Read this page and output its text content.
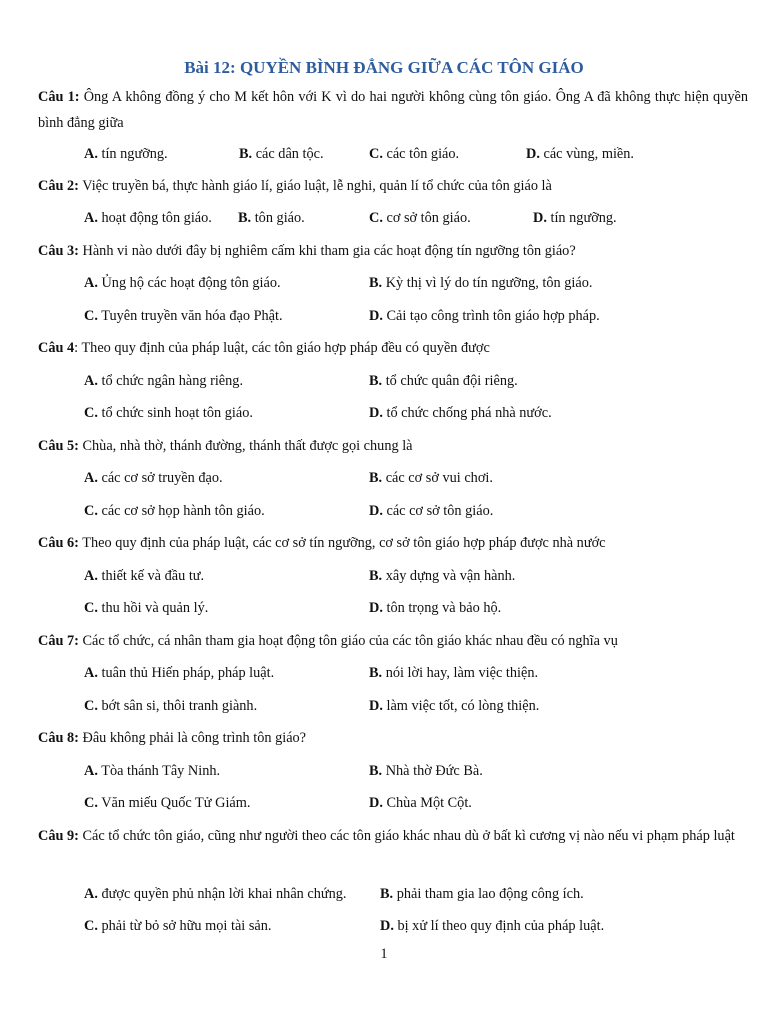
Bài 12: QUYỀN BÌNH ĐẲNG GIỮA CÁC TÔN GIÁO
Câu 1: Ông A không đồng ý cho M kết hôn với K vì do hai người không cùng tôn giáo. Ông A đã không thực hiện quyền bình đẳng giữa
A. tín ngưỡng.	B. các dân tộc.	C. các tôn giáo.	D. các vùng, miền.
Câu 2: Việc truyền bá, thực hành giáo lí, giáo luật, lễ nghi, quản lí tổ chức của tôn giáo là
A. hoạt động tôn giáo. B. tôn giáo.	C. cơ sở tôn giáo.	D. tín ngưỡng.
Câu 3: Hành vi nào dưới đây bị nghiêm cấm khi tham gia các hoạt động tín ngưỡng tôn giáo?
A. Ủng hộ các hoạt động tôn giáo.	B. Kỳ thị vì lý do tín ngưỡng, tôn giáo.
C. Tuyên truyền văn hóa đạo Phật.	D. Cải tạo công trình tôn giáo hợp pháp.
Câu 4: Theo quy định của pháp luật, các tôn giáo hợp pháp đều có quyền được
A. tổ chức ngân hàng riêng.	B. tổ chức quân đội riêng.
C. tổ chức sinh hoạt tôn giáo.	D. tổ chức chống phá nhà nước.
Câu 5: Chùa, nhà thờ, thánh đường, thánh thất được gọi chung là
A. các cơ sở truyền đạo.	B. các cơ sở vui chơi.
C. các cơ sở họp hành tôn giáo.	D. các cơ sở tôn giáo.
Câu 6: Theo quy định của pháp luật, các cơ sở tín ngưỡng, cơ sở tôn giáo hợp pháp được nhà nước
A. thiết kế và đầu tư.	B. xây dựng và vận hành.
C. thu hồi và quản lý.	D. tôn trọng và bảo hộ.
Câu 7: Các tổ chức, cá nhân tham gia hoạt động tôn giáo của các tôn giáo khác nhau đều có nghĩa vụ
A. tuân thủ Hiến pháp, pháp luật.	B. nói lời hay, làm việc thiện.
C. bớt sân si, thôi tranh giành.	D. làm việc tốt, có lòng thiện.
Câu 8: Đâu không phải là công trình tôn giáo?
A. Tòa thánh Tây Ninh.	B. Nhà thờ Đức Bà.
C. Văn miếu Quốc Tử Giám.	D. Chùa Một Cột.
Câu 9: Các tổ chức tôn giáo, cũng như người theo các tôn giáo khác nhau dù ở bất kì cương vị nào nếu vi phạm pháp luật
A. được quyền phủ nhận lời khai nhân chứng. B. phải tham gia lao động công ích.
C. phải từ bỏ sở hữu mọi tài sản.	D. bị xử lí theo quy định của pháp luật.
1
